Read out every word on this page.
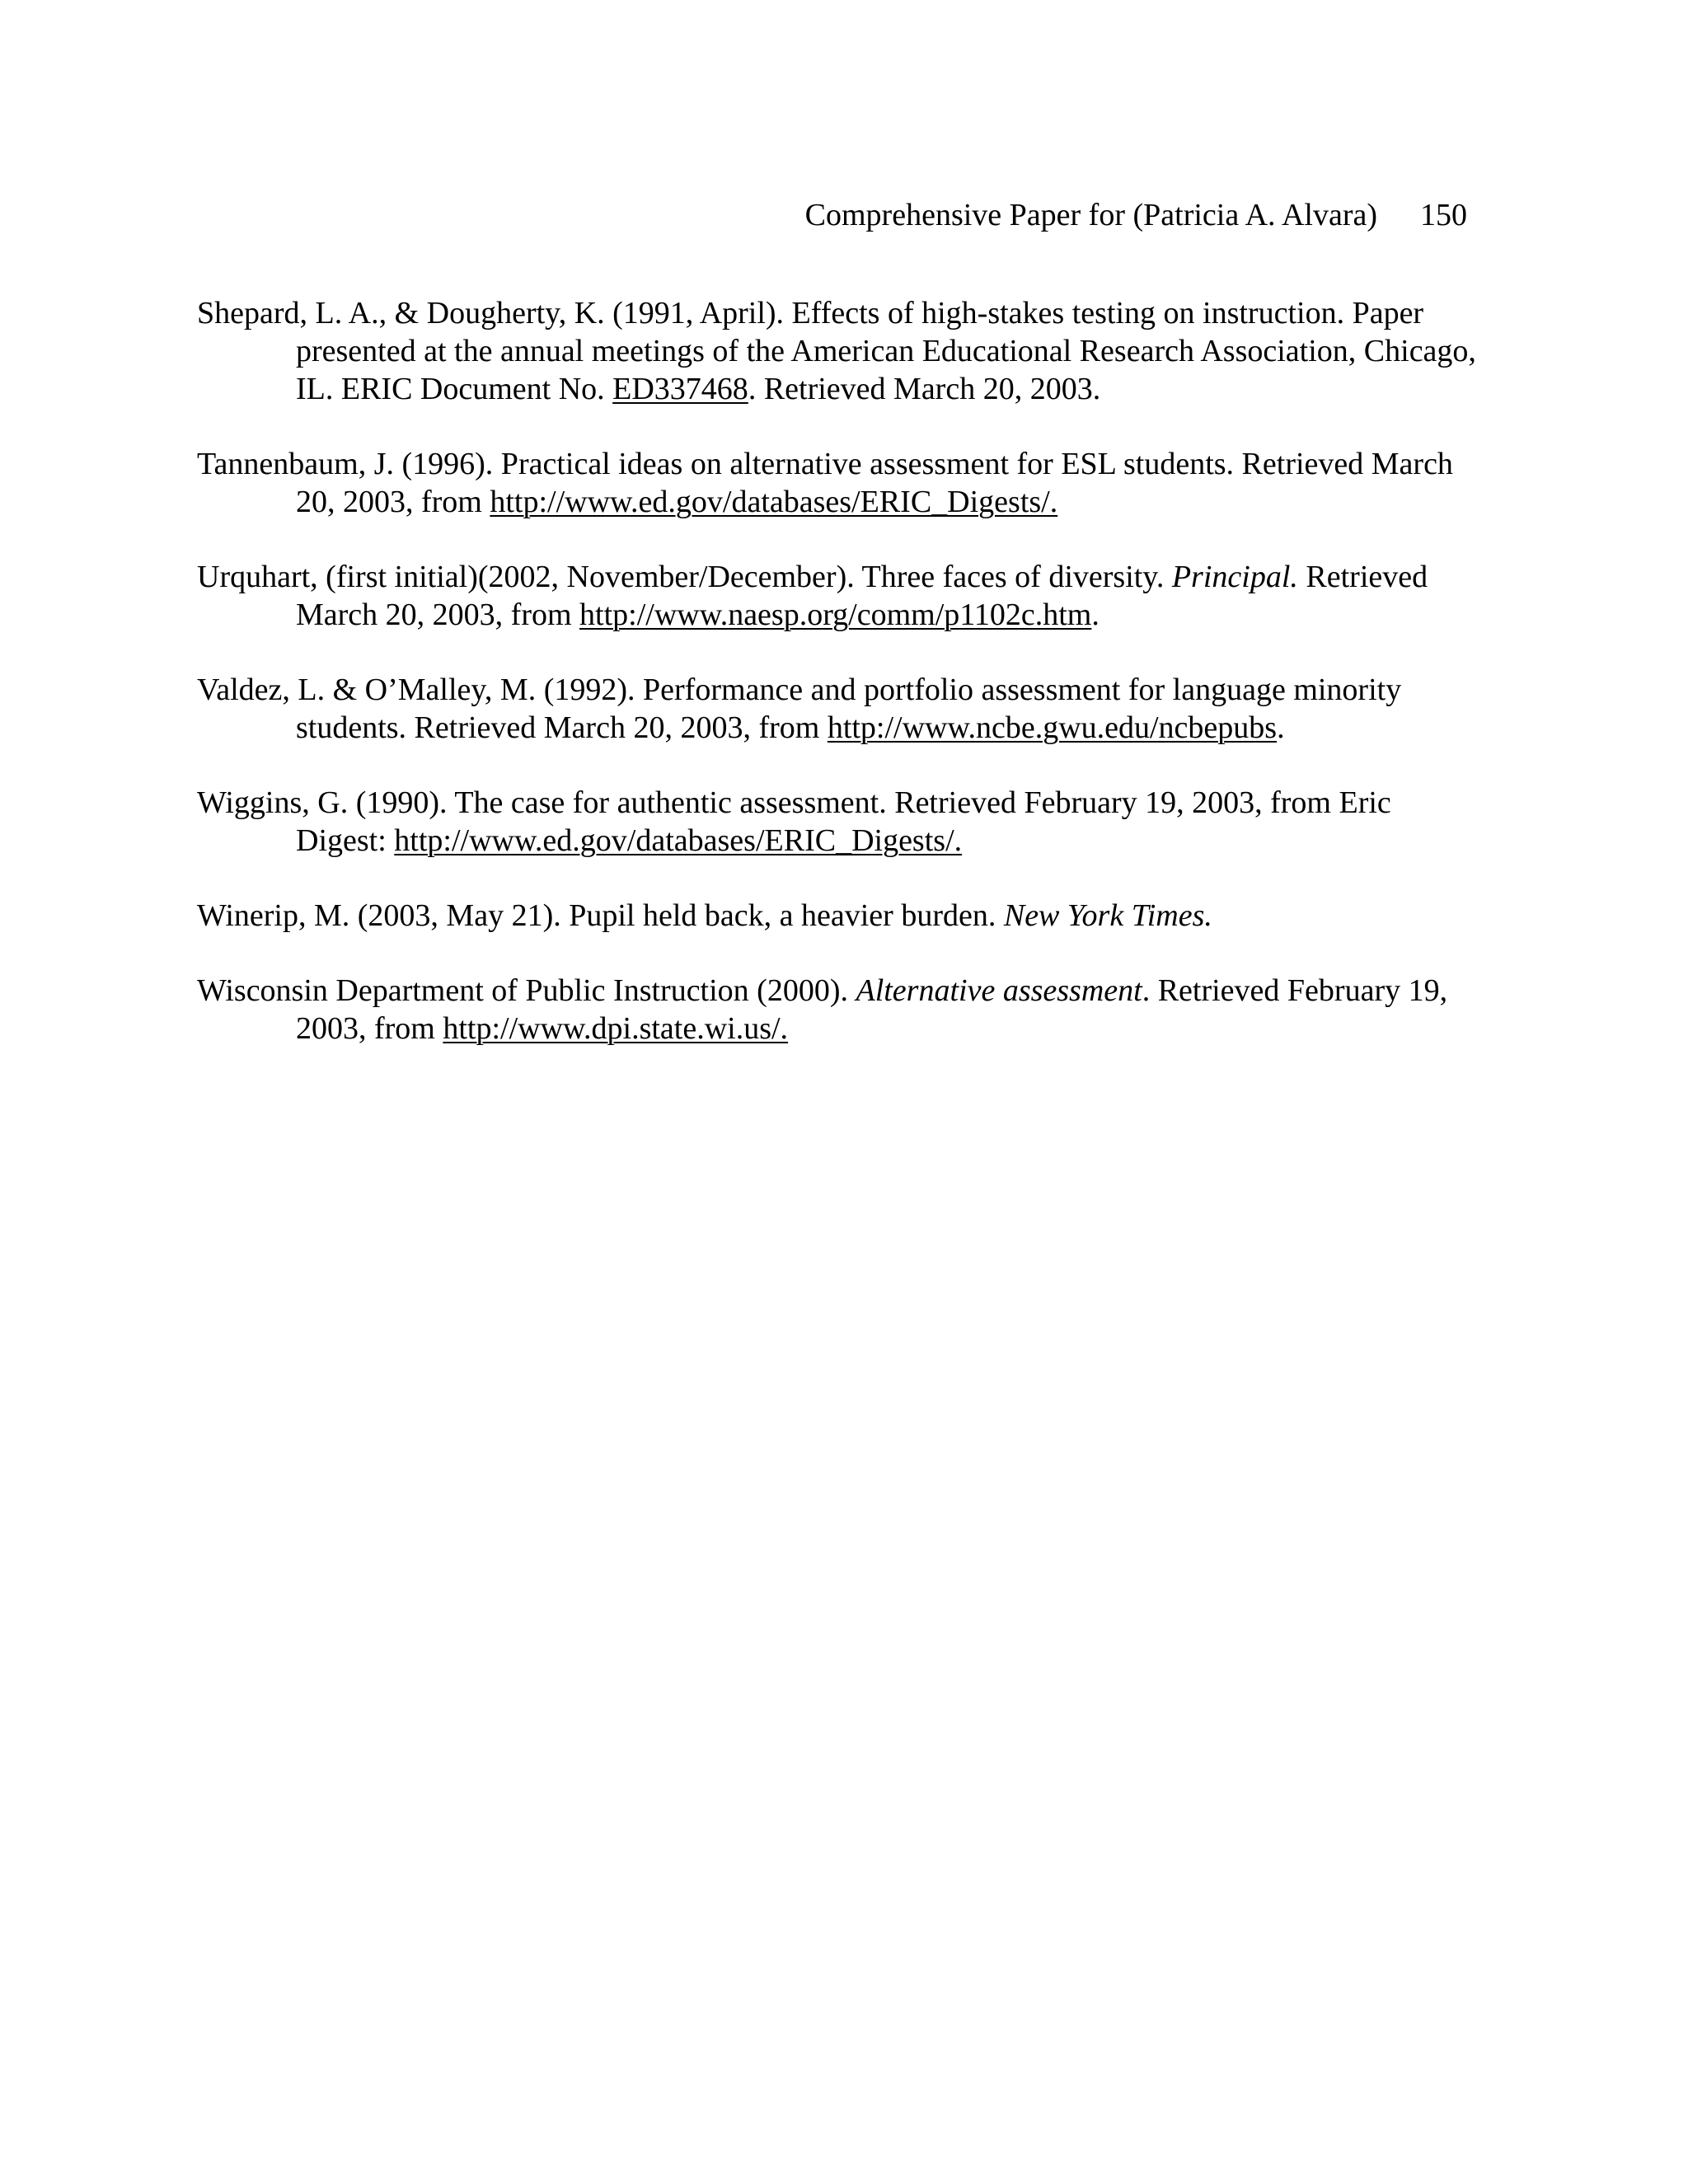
Comprehensive Paper for (Patricia A. Alvara) 150

Shepard, L. A., & Dougherty, K. (1991, April). Effects of high-stakes testing on instruction. Paper presented at the annual meetings of the American Educational Research Association, Chicago, IL. ERIC Document No. ED337468. Retrieved March 20, 2003.

Tannenbaum, J. (1996). Practical ideas on alternative assessment for ESL students. Retrieved March 20, 2003, from http://www.ed.gov/databases/ERIC_Digests/.

Urquhart, (first initial)(2002, November/December). Three faces of diversity. Principal. Retrieved March 20, 2003, from http://www.naesp.org/comm/p1102c.htm.

Valdez, L. & O’Malley, M. (1992). Performance and portfolio assessment for language minority students. Retrieved March 20, 2003, from http://www.ncbe.gwu.edu/ncbepubs.

Wiggins, G. (1990). The case for authentic assessment. Retrieved February 19, 2003, from Eric Digest: http://www.ed.gov/databases/ERIC_Digests/.

Winerip, M. (2003, May 21). Pupil held back, a heavier burden. New York Times.

Wisconsin Department of Public Instruction (2000). Alternative assessment. Retrieved February 19, 2003, from http://www.dpi.state.wi.us/.
